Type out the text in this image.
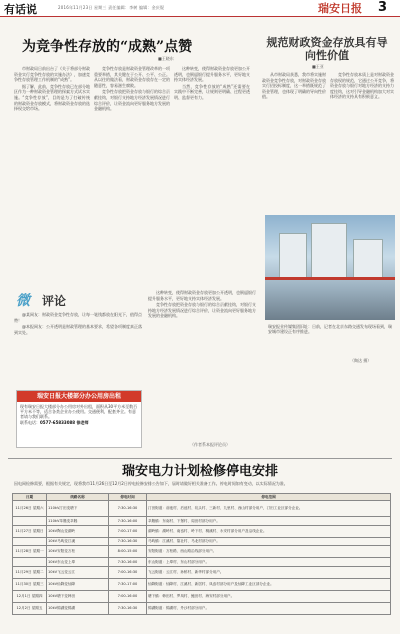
有话说	2016年11月23日 星期三 责任编辑：李树 编辑：金庆锟	瑞安日报 3
为竞争性存放的“成熟”点赞
■王晓东

市财政局日前出台了《关于将部分财政资金实行竞争性存放的实施办法》，加速竞争性存放管理工作机制的“成熟”。

据了解，此前，竞争性存放已在部分地区作为一种财政资金管理的探索方式试水实施。“竞争性存放”，目的是为了打破传统的财政资金存放模式，将财政资金存放的选择权交给市场。

竞争性存放是财政资金管理改革的一项重要举措，其关键在于公开、公平、公正。从以往的做法看，财政资金存放存在一定的随意性，容易滋生腐败。

竞争性存放把资金存放与银行的综合贡献挂钩，对银行支持地方经济发展情况进行综合评价，让资金流向更好服务地方发展的金融机构。

这种转变，使得财政资金存放更加公开透明，也倒逼银行提升服务水平，更好地支持实体经济发展。

当然，竞争性存放的“成熟”还需要在实践中不断完善，让规则更明确、过程更透明、监督更有力。

（作者系本报评论员）
微 评论

@某网友：财政资金竞争性存放，让每一笔钱都放在阳光下，值得点赞！

@本报网友：公开透明是财政管理的基本要求，希望各项制度真正落到实处。

这种转变，使得财政资金存放更加公开透明，也倒逼银行提升服务水平，更好地支持实体经济发展。

竞争性存放把资金存放与银行的综合贡献挂钩，对银行支持地方经济发展情况进行综合评价，让资金流向更好服务地方发展的金融机构。

瑞安日报大楼部分办公用房出租
现有瑞安日报大楼部分办公用房对外出租，面积从30平方米至数百平方米不等，适合各类企业办公使用。交通便利，配套齐全。有意者请与我们联系。
联系电话：0577-65833088 徐老师
规范财政资金存放具有导向性价值
■王亚

从市财政局获悉，我市将实施财政资金竞争性存放，对财政资金存放实行招投标制度，这一举措既规范了资金管理，也体现了明确的导向性价值。

竞争性存放本质上是对财政资金存放权的规范，它通过公开竞争，将资金存放与银行对地方经济的支持力度挂钩，这对引导金融机构加大对实体经济的支持具有积极意义。

瑞安报业传媒集团旧址：日前，记者在北京东路交通发布现场看到，瑞安城市建设正有序推进。
（陶达 摄）
瑞安电力计划检修停电安排
因电网检修需要，根据有关规定，现将我市11月26日至12月2日停电检修安排公告如下，届时请做好相关准备工作。停电时间如有变动，以实际情况为准。
日期	线路名称	停电时间	停电范围
11月26日 星期六	110kV汀田变塘下	7:30-16:30	汀田街道：前池村、后池村、坑头村、三新村、九里村、西山村部分用户，汀田工业区部分企业。
	110kV莘塍变莘塍	7:30-16:00	莘塍镇：东南村、下堡村、周田村部分用户。
11月27日 星期日	10kV陶山变湖岭	7:00-17:00	湖岭镇：湖岭村、南岙村、岭下村、桐溪村、永安村部分用户及沿线企业。
	10kV马屿变江溪	7:30-16:30	马屿镇：江溪村、篁社村、马北村部分用户。
11月28日 星期一	10kV安阳变万松	8:00-15:00	安阳街道：万松路、西山路沿线部分用户。
	10kV东山变上埠	7:30-16:00	东山街道：上埠村、东山村部分用户。
11月29日 星期二	10kV飞云变云江	7:00-16:30	飞云街道：云江村、孙桥村、新华村部分用户。
11月30日 星期三	10kV仙降变仙降	7:30-17:00	仙降街道：仙降村、江溪村、新居村、凤岙村部分用户及仙降工业区部分企业。
12月1日 星期四	10kV塘下变韩田	7:00-16:00	塘下镇：韩田村、罗凤村、鲍田村、海安村部分用户。
12月2日 星期五	10kV锦湖变锦湖	7:30-16:30	锦湖街道：锦湖村、外沙村部分用户。
